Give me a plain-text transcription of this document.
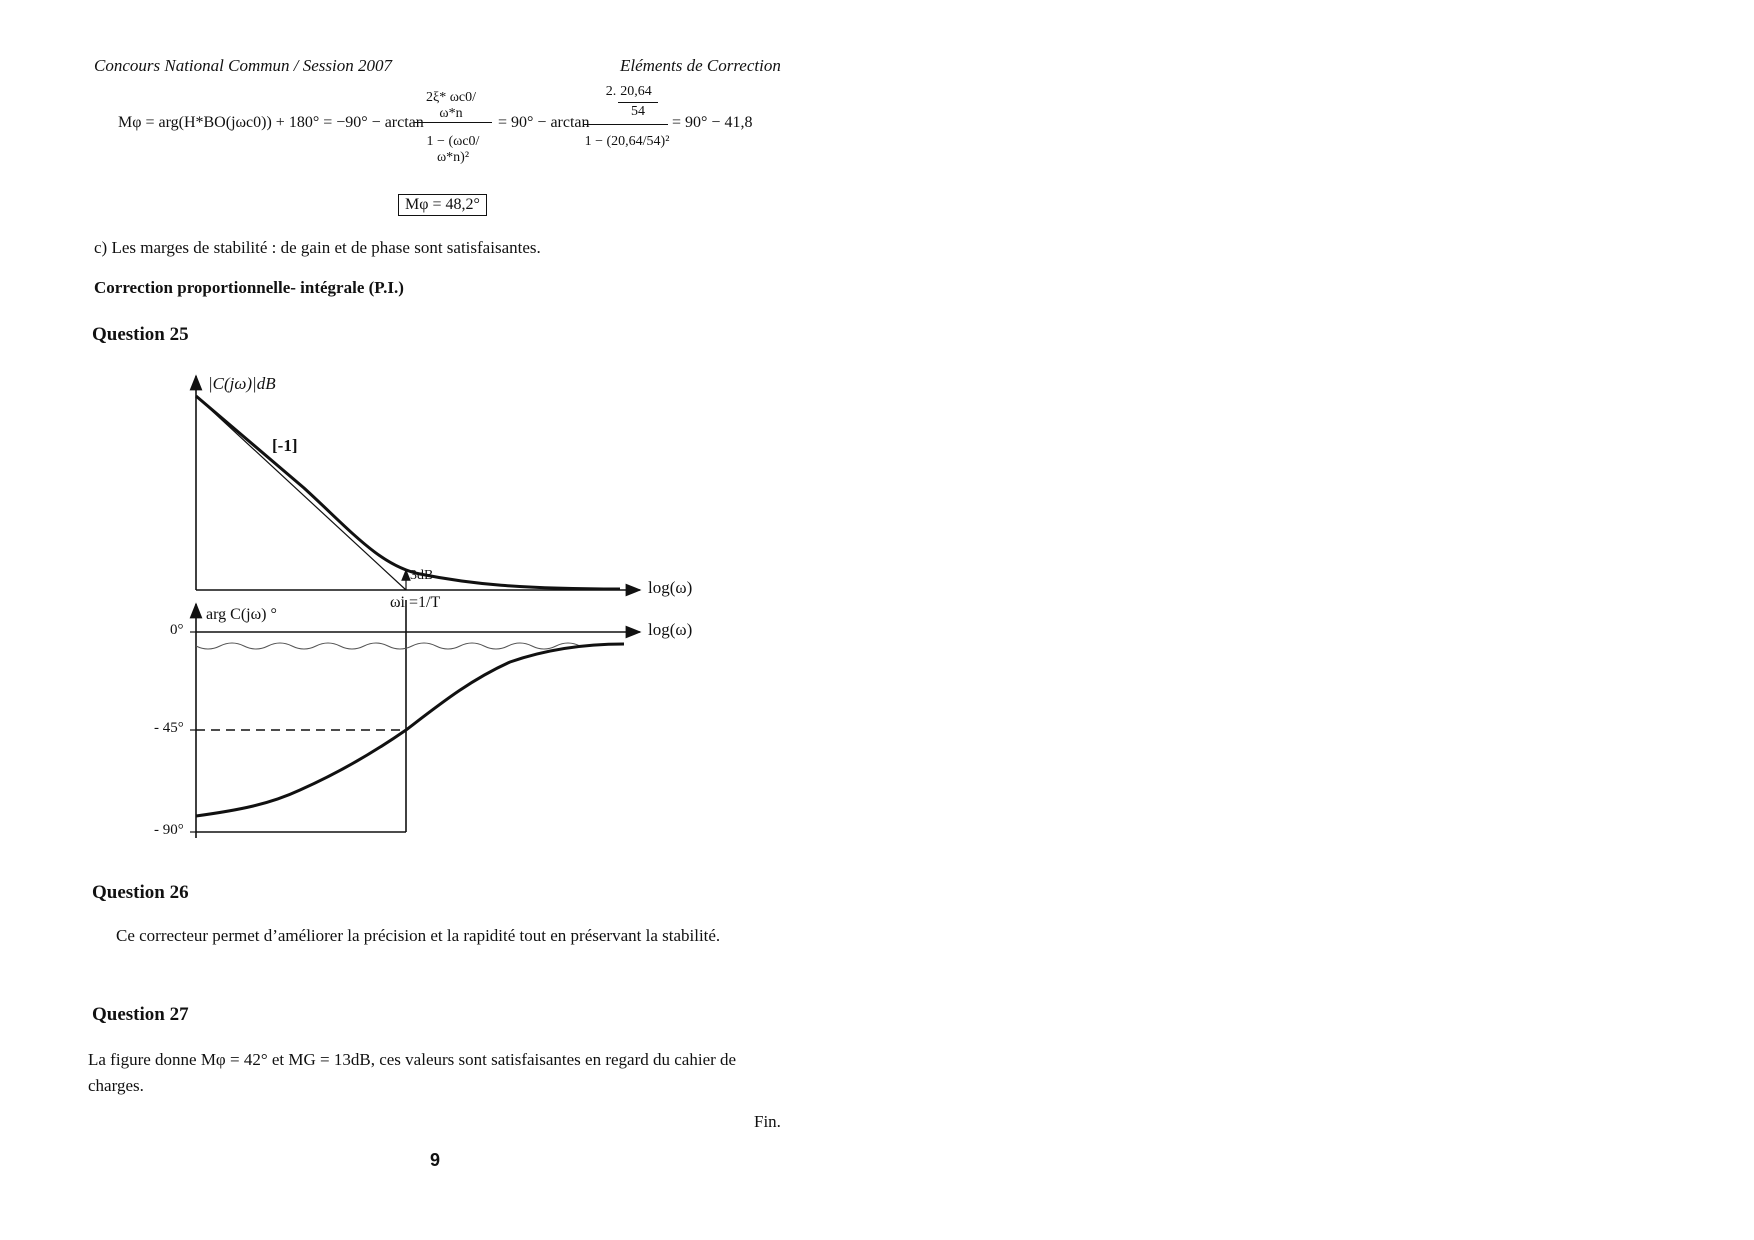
Concours National Commun / Session 2007	Eléments de Correction
Mφ = arg(H*BO(jωc0)) + 180° = −90° − arctan
2ξ* ωc0/ω*n
1 − (ωc0/ω*n)²
= 90° − arctan
2. 20,64
54
1 − (20,64/54)²
= 90° − 41,8
Mφ = 48,2°
c) Les marges de stabilité : de gain et de phase sont satisfaisantes.
Correction proportionnelle- intégrale (P.I.)
Question 25
|C(jω)|dB
[-1]
3dB
ωi =1/T
log(ω)
arg C(jω) °
log(ω)
0°
- 45°
- 90°
Question 26
Ce correcteur permet d’améliorer la précision et la rapidité tout en préservant la stabilité.
Question 27
La figure donne Mφ = 42° et MG = 13dB, ces valeurs sont satisfaisantes en regard du cahier de
charges.
Fin.
9
